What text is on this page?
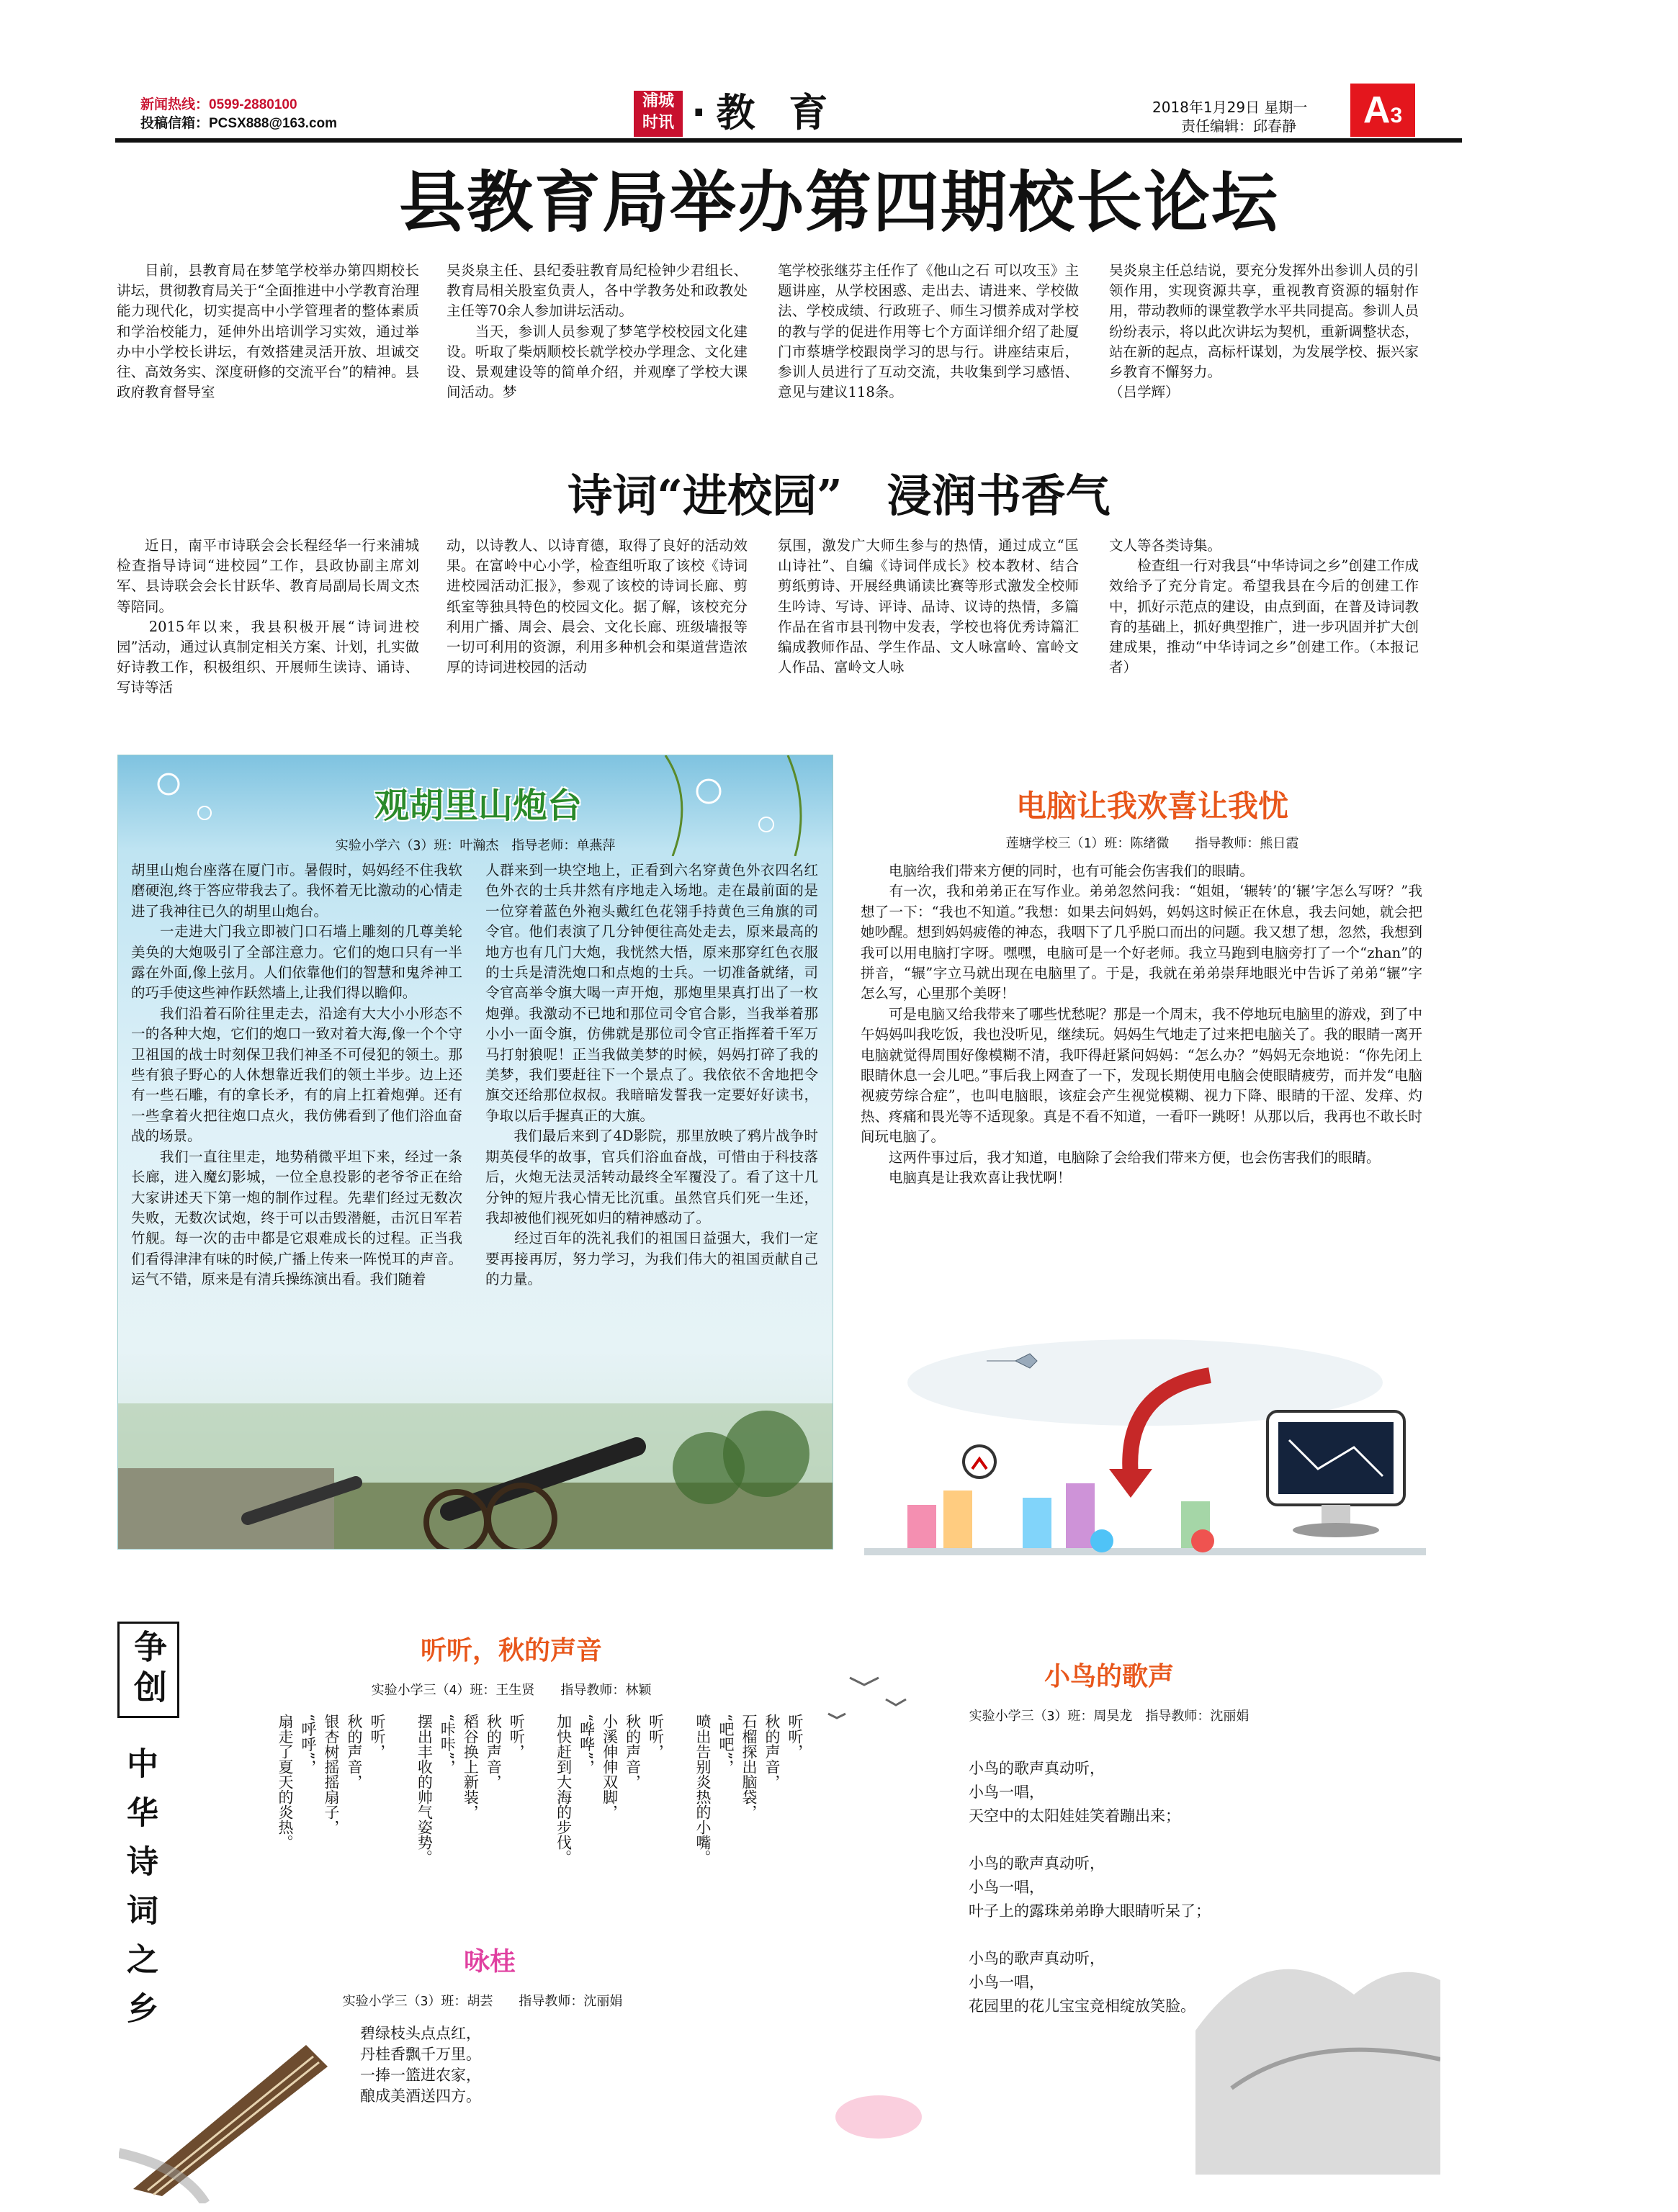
新闻热线：0599-2880100
投稿信箱：PCSX888@163.com
浦城
时讯 ·教 育	2018年1月29日 星期一
责任编辑：邱春静	A3
县教育局举办第四期校长论坛
目前，县教育局在梦笔学校举办第四期校长讲坛，贯彻教育局关于“全面推进中小学教育治理能力现代化，切实提高中小学管理者的整体素质和学治校能力，延伸外出培训学习实效，通过举办中小学校长讲坛，有效搭建灵活开放、坦诚交往、高效务实、深度研修的交流平台”的精神。县政府教育督导室
吴炎泉主任、县纪委驻教育局纪检钟少君组长、教育局相关股室负责人，各中学教务处和政教处主任等70余人参加讲坛活动。
　　当天，参训人员参观了梦笔学校校园文化建设。听取了柴炳顺校长就学校办学理念、文化建设、景观建设等的简单介绍，并观摩了学校大课间活动。梦
笔学校张继芬主任作了《他山之石 可以攻玉》主题讲座，从学校困惑、走出去、请进来、学校做法、学校成绩、行政班子、师生习惯养成对学校的教与学的促进作用等七个方面详细介绍了赴厦门市蔡塘学校跟岗学习的思与行。讲座结束后，参训人员进行了互动交流，共收集到学习感悟、意见与建议118条。
吴炎泉主任总结说，要充分发挥外出参训人员的引领作用，实现资源共享，重视教育资源的辐射作用，带动教师的课堂教学水平共同提高。参训人员纷纷表示，将以此次讲坛为契机，重新调整状态，站在新的起点，高标杆谋划，为发展学校、振兴家乡教育不懈努力。
（吕学辉）
诗词“进校园”　浸润书香气
近日，南平市诗联会会长程经华一行来浦城检查指导诗词“进校园”工作，县政协副主席刘军、县诗联会会长甘跃华、教育局副局长周文杰等陪同。
　　2015年以来，我县积极开展“诗词进校园”活动，通过认真制定相关方案、计划，扎实做好诗教工作，积极组织、开展师生读诗、诵诗、写诗等活
动，以诗教人、以诗育德，取得了良好的活动效果。在富岭中心小学，检查组听取了该校《诗词进校园活动汇报》，参观了该校的诗词长廊、剪纸室等独具特色的校园文化。据了解，该校充分利用广播、周会、晨会、文化长廊、班级墙报等一切可利用的资源，利用多种机会和渠道营造浓厚的诗词进校园的活动
氛围，激发广大师生参与的热情，通过成立“匡山诗社”、自编《诗词伴成长》校本教材、结合剪纸剪诗、开展经典诵读比赛等形式激发全校师生吟诗、写诗、评诗、品诗、议诗的热情，多篇作品在省市县刊物中发表，学校也将优秀诗篇汇编成教师作品、学生作品、文人咏富岭、富岭文人作品、富岭文人咏
文人等各类诗集。
　　检查组一行对我县“中华诗词之乡”创建工作成效给予了充分肯定。希望我县在今后的创建工作中，抓好示范点的建设，由点到面，在普及诗词教育的基础上，抓好典型推广，进一步巩固并扩大创建成果，推动“中华诗词之乡”创建工作。（本报记者）
观胡里山炮台
实验小学六（3）班：叶瀚杰　指导老师：单燕萍
胡里山炮台座落在厦门市。暑假时，妈妈经不住我软磨硬泡,终于答应带我去了。我怀着无比激动的心情走进了我神往已久的胡里山炮台。
　　一走进大门我立即被门口石墙上雕刻的几尊美轮美奂的大炮吸引了全部注意力。它们的炮口只有一半露在外面,像上弦月。人们依靠他们的智慧和鬼斧神工的巧手使这些神作跃然墙上,让我们得以瞻仰。
　　我们沿着石阶往里走去，沿途有大大小小形态不一的各种大炮，它们的炮口一致对着大海,像一个个守卫祖国的战士时刻保卫我们神圣不可侵犯的领土。那些有狼子野心的人休想靠近我们的领土半步。边上还有一些石雕，有的拿长矛，有的肩上扛着炮弹。还有一些拿着火把往炮口点火，我仿佛看到了他们浴血奋战的场景。
　　我们一直往里走，地势稍微平坦下来，经过一条长廊，进入魔幻影城，一位全息投影的老爷爷正在给大家讲述天下第一炮的制作过程。先辈们经过无数次失败，无数次试炮，终于可以击毁潜艇，击沉日军若竹舰。每一次的击中都是它艰难成长的过程。正当我们看得津津有味的时候,广播上传来一阵悦耳的声音。运气不错，原来是有清兵操练演出看。我们随着
人群来到一块空地上，正看到六名穿黄色外衣四名红色外衣的士兵井然有序地走入场地。走在最前面的是一位穿着蓝色外袍头戴红色花翎手持黄色三角旗的司令官。他们表演了几分钟便往高处走去，原来最高的地方也有几门大炮，我恍然大悟，原来那穿红色衣服的士兵是清洗炮口和点炮的士兵。一切准备就绪，司令官高举令旗大喝一声开炮，那炮里果真打出了一枚炮弹。我激动不已地和那位司令官合影，当我举着那小小一面令旗，仿佛就是那位司令官正指挥着千军万马打射狼呢！正当我做美梦的时候，妈妈打碎了我的美梦，我们要赶往下一个景点了。我依依不舍地把令旗交还给那位叔叔。我暗暗发誓我一定要好好读书，争取以后手握真正的大旗。
　　我们最后来到了4D影院，那里放映了鸦片战争时期英侵华的故事，官兵们浴血奋战，可惜由于科技落后，火炮无法灵活转动最终全军覆没了。看了这十几分钟的短片我心情无比沉重。虽然官兵们死一生还，我却被他们视死如归的精神感动了。
　　经过百年的洗礼我们的祖国日益强大，我们一定要再接再厉，努力学习，为我们伟大的祖国贡献自己的力量。
电脑让我欢喜让我忧
莲塘学校三（1）班：陈绪微　　指导教师：熊日霞
电脑给我们带来方便的同时，也有可能会伤害我们的眼睛。
　　有一次，我和弟弟正在写作业。弟弟忽然问我：“姐姐，‘辗转’的‘辗’字怎么写呀？”我想了一下：“我也不知道。”我想：如果去问妈妈，妈妈这时候正在休息，我去问她，就会把她吵醒。想到妈妈疲倦的神态，我咽下了几乎脱口而出的问题。我又想了想，忽然，我想到我可以用电脑打字呀。嘿嘿，电脑可是一个好老师。我立马跑到电脑旁打了一个“zhan”的拼音，“辗”字立马就出现在电脑里了。于是，我就在弟弟崇拜地眼光中告诉了弟弟“辗”字怎么写，心里那个美呀！
　　可是电脑又给我带来了哪些忧愁呢？那是一个周末，我不停地玩电脑里的游戏，到了中午妈妈叫我吃饭，我也没听见，继续玩。妈妈生气地走了过来把电脑关了。我的眼睛一离开电脑就觉得周围好像模糊不清，我吓得赶紧问妈妈：“怎么办？”妈妈无奈地说：“你先闭上眼睛休息一会儿吧。”事后我上网查了一下，发现长期使用电脑会使眼睛疲劳，而并发“电脑视疲劳综合症”，也叫电脑眼，该症会产生视觉模糊、视力下降、眼睛的干涩、发痒、灼热、疼痛和畏光等不适现象。真是不看不知道，一看吓一跳呀！从那以后，我再也不敢长时间玩电脑了。
　　这两件事过后，我才知道，电脑除了会给我们带来方便，也会伤害我们的眼睛。
　　电脑真是让我欢喜让我忧啊！
争创
中华诗词之乡
听听，秋的声音
实验小学三（4）班：王生贤　　指导教师：林颖
听听，
秋的声音，
石榴探出脑袋，
“吧吧”，
喷出告别炎热的小嘴。
听听，
秋的声音，
小溪伸伸双脚，
“哗哗”，
加快赶到大海的步伐。
听听，
秋的声音，
稻谷换上新装，
“咔咔”，
摆出丰收的帅气姿势。
听听，
秋的声音，
银杏树摇摇扇子，
“呼呼”，
扇走了夏天的炎热。
咏桂
实验小学三（3）班：胡芸　　指导教师：沈丽娟
碧绿枝头点点红，
丹桂香飘千万里。
一捧一篮进农家，
酿成美酒送四方。
小鸟的歌声
实验小学三（3）班：周昊龙　指导教师：沈丽娟
小鸟的歌声真动听，
小鸟一唱，
天空中的太阳娃娃笑着蹦出来；

小鸟的歌声真动听，
小鸟一唱，
叶子上的露珠弟弟睁大眼睛听呆了；

小鸟的歌声真动听，
小鸟一唱，
花园里的花儿宝宝竞相绽放笑脸。
